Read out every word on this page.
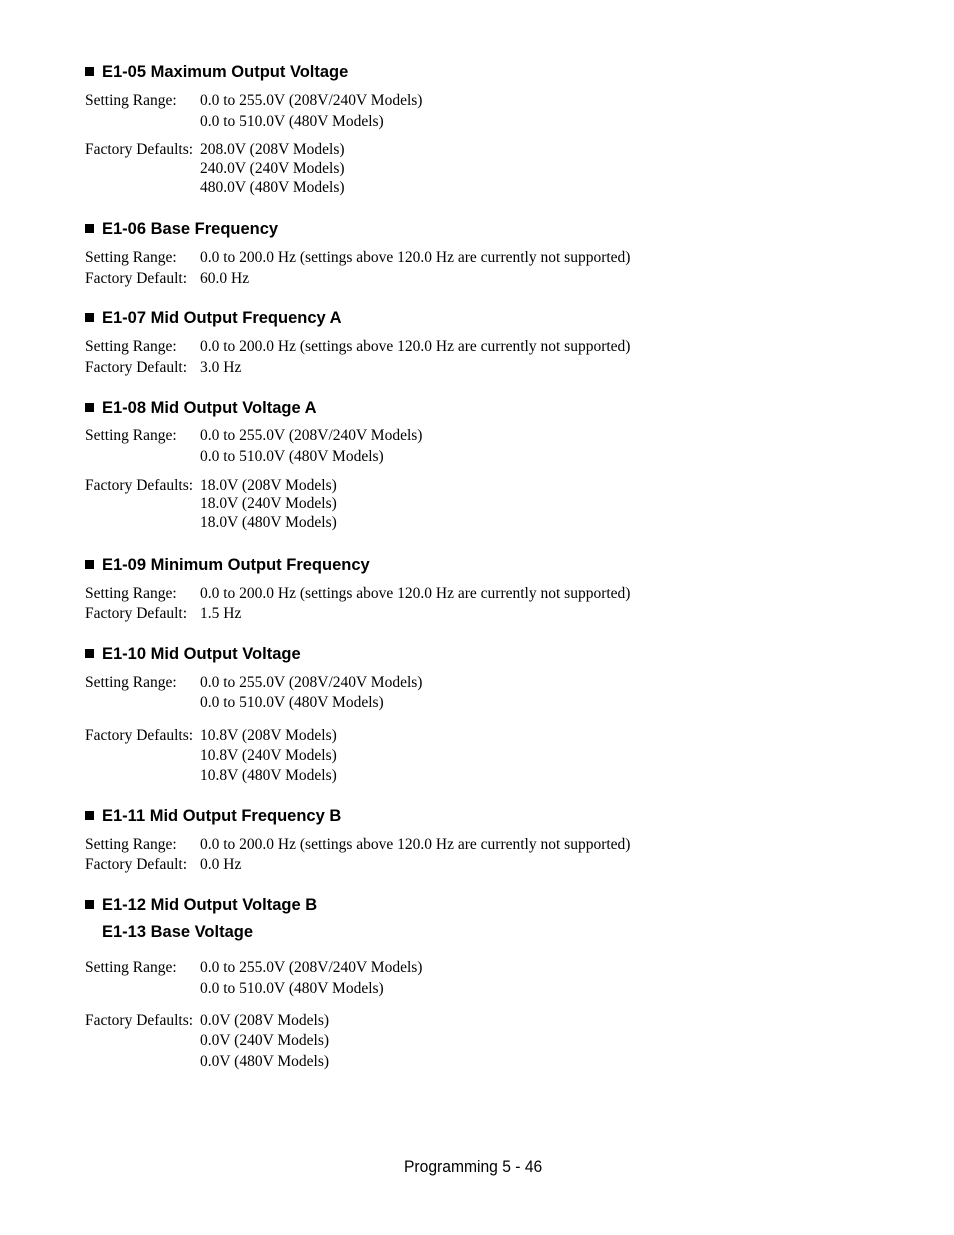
E1-05 Maximum Output Voltage

Setting Range: 0.0 to 255.0V (208V/240V Models)

0.0 to 510.0V (480V Models)

Factory Defaults: 208.0V (208V Models)

240.0V (240V Models)

480.0V (480V Models)

E1-06 Base Frequency

Setting Range: 0.0 to 200.0 Hz (settings above 120.0 Hz are currently not supported)

Factory Default: 60.0 Hz

E1-07 Mid Output Frequency A

Setting Range: 0.0 to 200.0 Hz (settings above 120.0 Hz are currently not supported)

Factory Default: 3.0 Hz

E1-08 Mid Output Voltage A

Setting Range: 0.0 to 255.0V (208V/240V Models)

0.0 to 510.0V (480V Models)

Factory Defaults: 18.0V (208V Models)

18.0V (240V Models)

18.0V (480V Models)

E1-09 Minimum Output Frequency

Setting Range: 0.0 to 200.0 Hz (settings above 120.0 Hz are currently not supported)

Factory Default: 1.5 Hz

E1-10 Mid Output Voltage

Setting Range: 0.0 to 255.0V (208V/240V Models)

0.0 to 510.0V (480V Models)

Factory Defaults: 10.8V (208V Models)

10.8V (240V Models)

10.8V (480V Models)

E1-11 Mid Output Frequency B

Setting Range: 0.0 to 200.0 Hz (settings above 120.0 Hz are currently not supported)

Factory Default: 0.0 Hz

E1-12 Mid Output Voltage B
E1-13 Base Voltage

Setting Range: 0.0 to 255.0V (208V/240V Models)

0.0 to 510.0V (480V Models)

Factory Defaults: 0.0V (208V Models)

0.0V (240V Models)

0.0V (480V Models)

Programming 5 - 46
